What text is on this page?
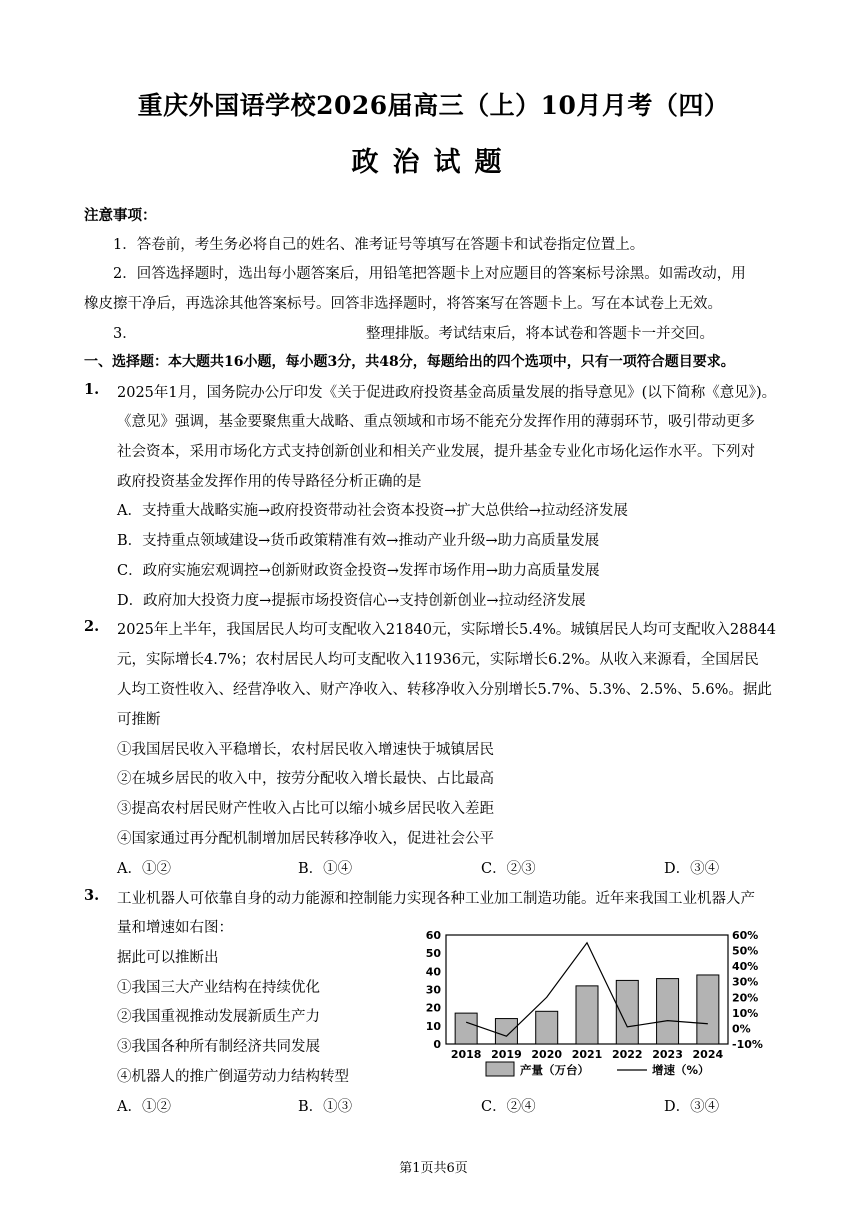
重庆外国语学校2026届高三（上）10月月考（四）
政治试题
注意事项：
1．答卷前，考生务必将自己的姓名、准考证号等填写在答题卡和试卷指定位置上。
2．回答选择题时，选出每小题答案后，用铅笔把答题卡上对应题目的答案标号涂黑。如需改动，用
橡皮擦干净后，再选涂其他答案标号。回答非选择题时，将答案写在答题卡上。写在本试卷上无效。
3．	整理排版。考试结束后，将本试卷和答题卡一并交回。
一、选择题：本大题共16小题，每小题3分，共48分，每题给出的四个选项中，只有一项符合题目要求。
1. 2025年1月，国务院办公厅印发《关于促进政府投资基金高质量发展的指导意见》(以下简称《意见》)。
《意见》强调，基金要聚焦重大战略、重点领域和市场不能充分发挥作用的薄弱环节，吸引带动更多
社会资本，采用市场化方式支持创新创业和相关产业发展，提升基金专业化市场化运作水平。下列对
政府投资基金发挥作用的传导路径分析正确的是
A．支持重大战略实施→政府投资带动社会资本投资→扩大总供给→拉动经济发展
B．支持重点领域建设→货币政策精准有效→推动产业升级→助力高质量发展
C．政府实施宏观调控→创新财政资金投资→发挥市场作用→助力高质量发展
D．政府加大投资力度→提振市场投资信心→支持创新创业→拉动经济发展
2. 2025年上半年，我国居民人均可支配收入21840元，实际增长5.4%。城镇居民人均可支配收入28844
元，实际增长4.7%；农村居民人均可支配收入11936元，实际增长6.2%。从收入来源看，全国居民
人均工资性收入、经营净收入、财产净收入、转移净收入分别增长5.7%、5.3%、2.5%、5.6%。据此
可推断
①我国居民收入平稳增长，农村居民收入增速快于城镇居民
②在城乡居民的收入中，按劳分配收入增长最快、占比最高
③提高农村居民财产性收入占比可以缩小城乡居民收入差距
④国家通过再分配机制增加居民转移净收入，促进社会公平
A．①②	B．①④	C．②③	D．③④
3. 工业机器人可依靠自身的动力能源和控制能力实现各种工业加工制造功能。近年来我国工业机器人产
量和增速如右图：
据此可以推断出
①我国三大产业结构在持续优化
②我国重视推动发展新质生产力
③我国各种所有制经济共同发展
④机器人的推广倒逼劳动力结构转型
A．①②	B．①③	C．②④	D．③④
0
10
20
30
40
50
60
-10%
0%
10%
20%
30%
40%
50%
60%
2018 2019 2020 2021 2022 2023 2024
产量（万台）	增速（%）
第1页共6页
